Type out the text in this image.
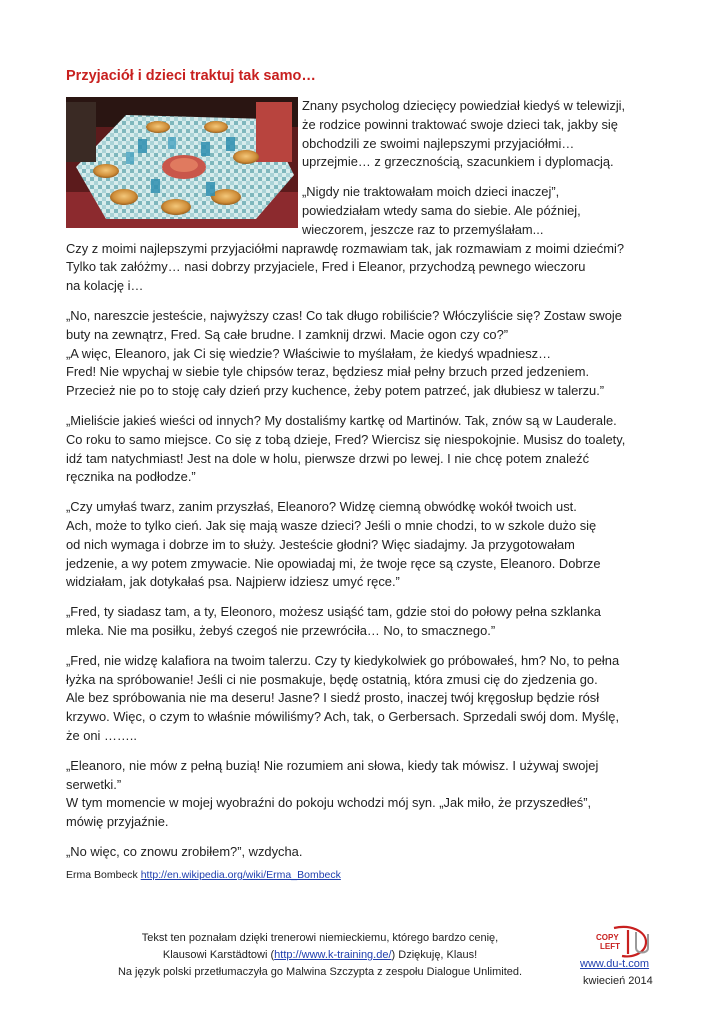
Przyjaciół i dzieci traktuj tak samo…
Znany psycholog dziecięcy powiedział kiedyś w telewizji,
że rodzice powinni traktować swoje dzieci tak, jakby się
obchodzili ze swoimi najlepszymi przyjaciółmi…
uprzejmie… z grzecznością, szacunkiem i dyplomacją.
„Nigdy nie traktowałam moich dzieci inaczej”,
powiedziałam wtedy sama do siebie. Ale później,
wieczorem, jeszcze raz to przemyślałam...
Czy z moimi najlepszymi przyjaciółmi naprawdę rozmawiam tak, jak rozmawiam z moimi dziećmi?
Tylko tak załóżmy… nasi dobrzy przyjaciele, Fred i Eleanor, przychodzą pewnego wieczoru
na kolację i…
„No, nareszcie jesteście, najwyższy czas! Co tak długo robiliście? Włóczyliście się? Zostaw swoje
buty na zewnątrz, Fred. Są całe brudne. I zamknij drzwi. Macie ogon czy co?”
„A więc, Eleanoro, jak Ci się wiedzie? Właściwie to myślałam, że kiedyś wpadniesz…
Fred! Nie wpychaj w siebie tyle chipsów teraz, będziesz miał pełny brzuch przed jedzeniem.
Przecież nie po to stoję cały dzień przy kuchence, żeby potem patrzeć, jak dłubiesz w talerzu.”
„Mieliście jakieś wieści od innych? My dostaliśmy kartkę od Martinów. Tak, znów są w Lauderale.
Co roku to samo miejsce. Co się z tobą dzieje, Fred? Wiercisz się niespokojnie. Musisz do toalety,
idź tam natychmiast! Jest na dole w holu, pierwsze drzwi po lewej. I nie chcę potem znaleźć
ręcznika na podłodze.”
„Czy umyłaś twarz, zanim przyszłaś, Eleanoro? Widzę ciemną obwódkę wokół twoich ust.
Ach, może to tylko cień. Jak się mają wasze dzieci? Jeśli o mnie chodzi, to w szkole dużo się
od nich wymaga i dobrze im to służy. Jesteście głodni? Więc siadajmy. Ja przygotowałam
jedzenie, a wy potem zmywacie. Nie opowiadaj mi, że twoje ręce są czyste, Eleanoro. Dobrze
widziałam, jak dotykałaś psa. Najpierw idziesz umyć ręce.”
„Fred, ty siadasz tam, a ty, Eleonoro, możesz usiąść tam, gdzie stoi do połowy pełna szklanka
mleka. Nie ma posiłku, żebyś czegoś nie przewróciła… No, to smacznego.”
„Fred, nie widzę kalafiora na twoim talerzu. Czy ty kiedykolwiek go próbowałeś, hm? No, to pełna
łyżka na spróbowanie! Jeśli ci nie posmakuje, będę ostatnią, która zmusi cię do zjedzenia go.
Ale bez spróbowania nie ma deseru! Jasne? I siedź prosto, inaczej twój kręgosłup będzie rósł
krzywo. Więc, o czym to właśnie mówiliśmy? Ach, tak, o Gerbersach. Sprzedali swój dom. Myślę,
że oni ……..
„Eleanoro, nie mów z pełną buzią! Nie rozumiem ani słowa, kiedy tak mówisz. I używaj swojej
serwetki.”
W tym momencie w mojej wyobraźni do pokoju wchodzi mój syn. „Jak miło, że przyszedłeś”,
mówię przyjaźnie.
„No więc, co znowu zrobiłem?”, wzdycha.
Erma Bombeck http://en.wikipedia.org/wiki/Erma_Bombeck
Tekst ten poznałam dzięki trenerowi niemieckiemu, którego bardzo cenię,
Klausowi Karstädtowi (http://www.k-training.de/) Dziękuję, Klaus!
Na język polski przetłumaczyła go Malwina Szczypta z zespołu Dialogue Unlimited.
COPY
LEFT
www.du-t.com
kwiecień 2014
